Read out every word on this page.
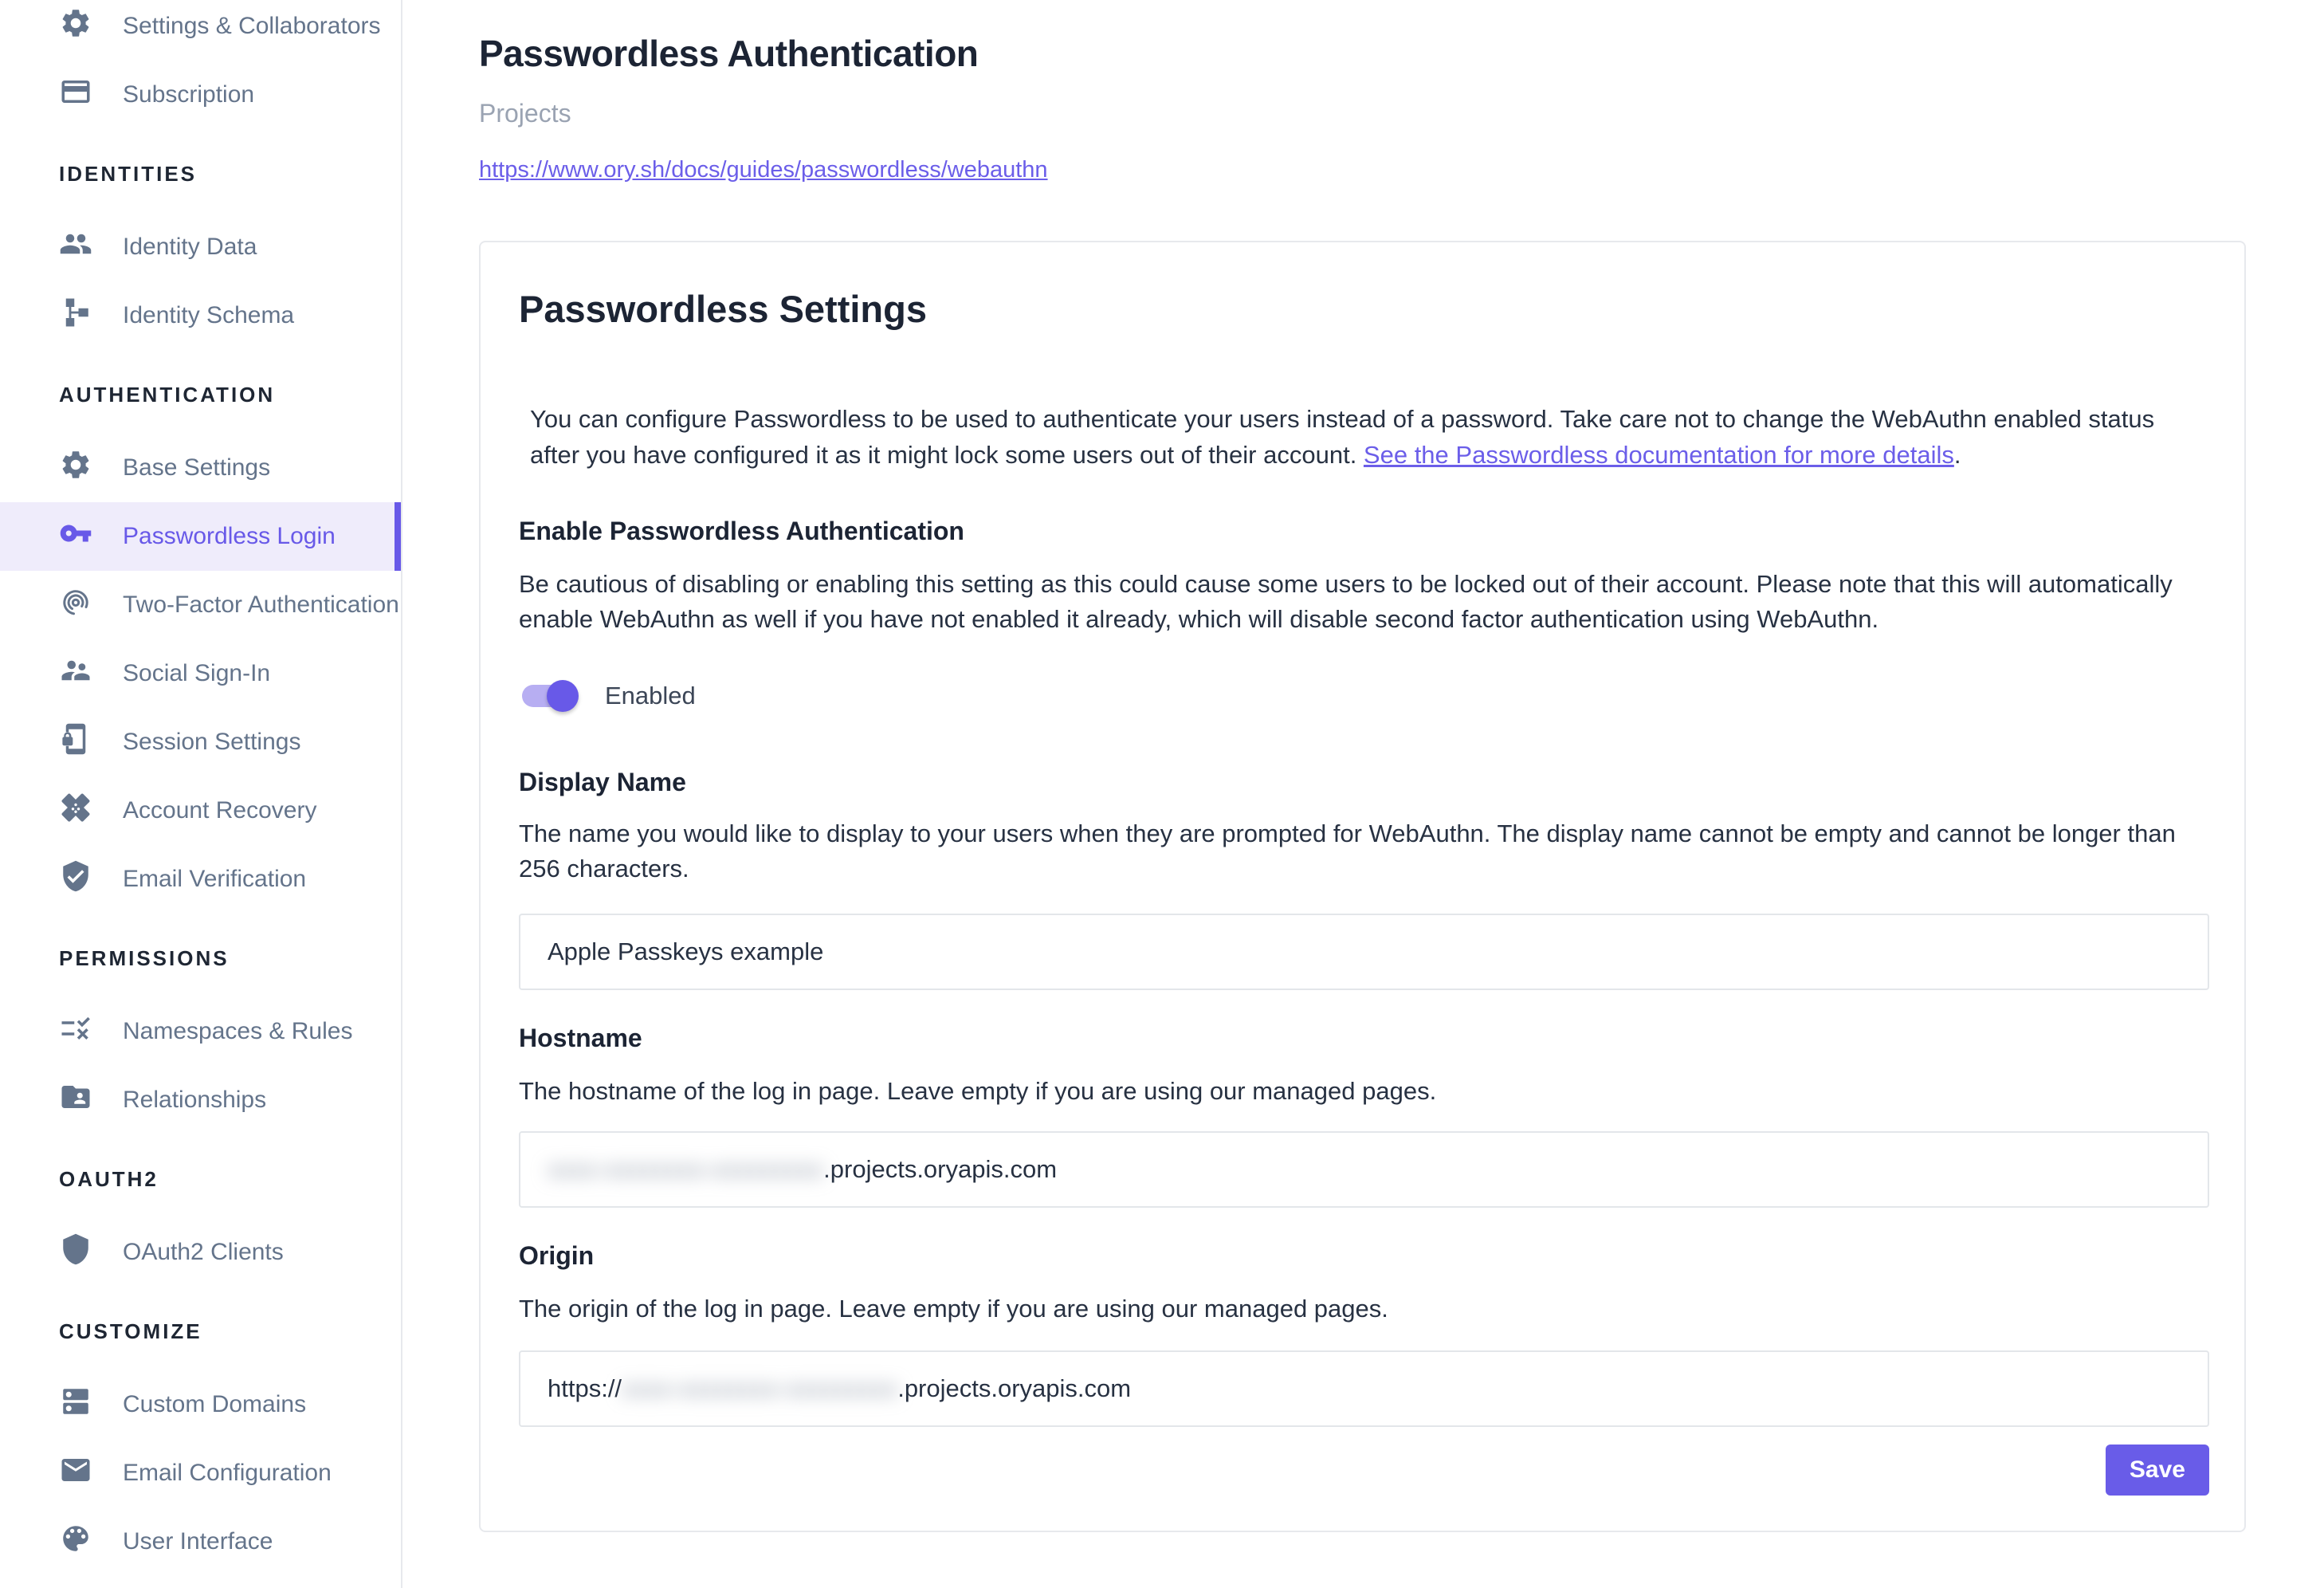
Settings & Collaborators
Subscription
IDENTITIES
Identity Data
Identity Schema
AUTHENTICATION
Base Settings
Passwordless Login
Two-Factor Authentication
Social Sign-In
Session Settings
Account Recovery
Email Verification
PERMISSIONS
Namespaces & Rules
Relationships
OAUTH2
OAuth2 Clients
CUSTOMIZE
Custom Domains
Email Configuration
User Interface
Passwordless Authentication
Projects
https://www.ory.sh/docs/guides/passwordless/webauthn
Passwordless Settings

You can configure Passwordless to be used to authenticate your users instead of a password. Take care not to change the WebAuthn enabled status after you have configured it as it might lock some users out of their account. See the Passwordless documentation for more details.

Enable Passwordless Authentication

Be cautious of disabling or enabling this setting as this could cause some users to be locked out of their account. Please note that this will automatically enable WebAuthn as well if you have not enabled it already, which will disable second factor authentication using WebAuthn.

Enabled
Display Name

The name you would like to display to your users when they are prompted for WebAuthn. The display name cannot be empty and cannot be longer than 256 characters.

Apple Passkeys example
Hostname

The hostname of the log in page. Leave empty if you are using our managed pages.

xxxx-xxxxxxxx-xxxxxxxxx .projects.oryapis.com
Origin

The origin of the log in page. Leave empty if you are using our managed pages.

https:// xxxx-xxxxxxxx-xxxxxxxxx .projects.oryapis.com
Save
